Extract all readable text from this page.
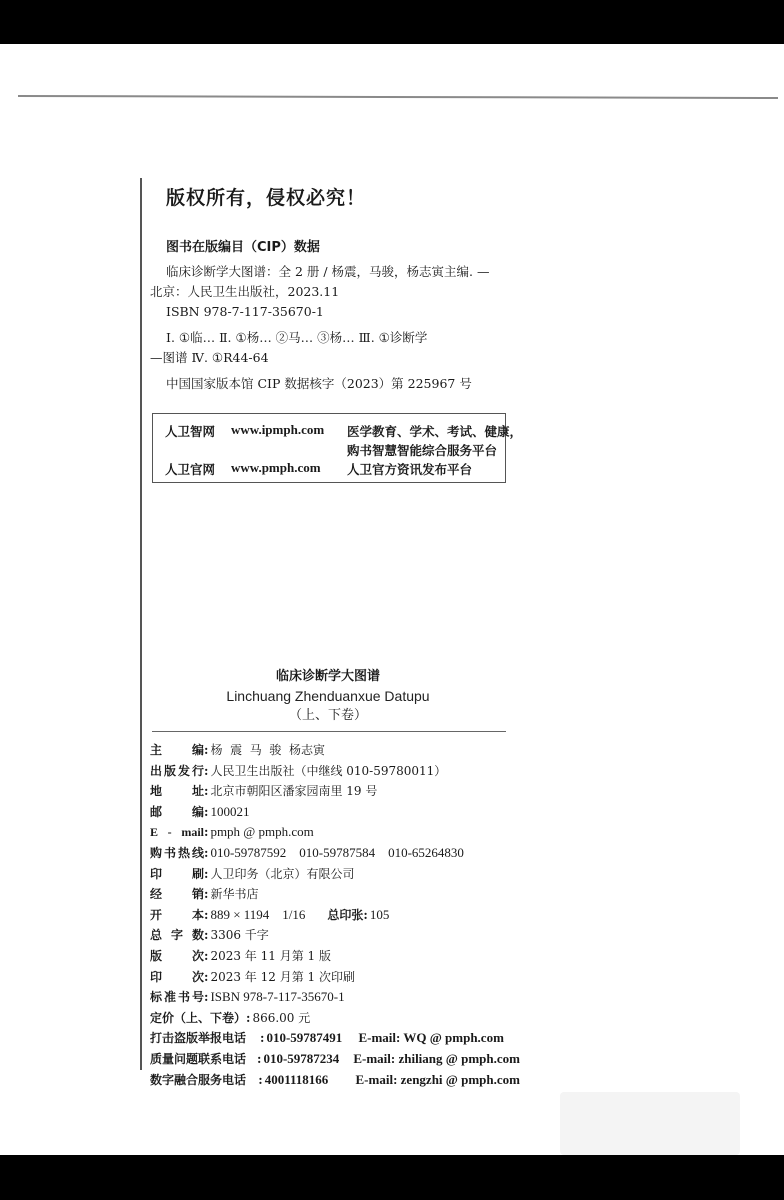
版权所有，侵权必究！
图书在版编目（CIP）数据
临床诊断学大图谱：全 2 册 / 杨震，马骏，杨志寅主编. —
北京：人民卫生出版社，2023.11
ISBN 978-7-117-35670-1
Ⅰ. ①临… Ⅱ. ①杨… ②马… ③杨… Ⅲ. ①诊断学
—图谱 Ⅳ. ①R44-64
中国国家版本馆 CIP 数据核字（2023）第 225967 号
人卫智网 www.ipmph.com 医学教育、学术、考试、健康，
购书智慧智能综合服务平台
人卫官网 www.pmph.com 人卫官方资讯发布平台
临床诊断学大图谱
Linchuang Zhenduanxue Datupu
（上、下卷）
主编 : 杨  震  马  骏  杨志寅
出版发行 : 人民卫生出版社（中继线 010-59780011）
地址 : 北京市朝阳区潘家园南里 19 号
邮编 : 100021
E - mail : pmph @ pmph.com
购书热线 : 010-59787592    010-59787584    010-65264830
印刷 : 人卫印务（北京）有限公司
经销 : 新华书店
开本 : 889 × 1194    1/16 总印张 : 105
总字数 : 3306 千字
版次 : 2023 年 11 月第 1 版
印次 : 2023 年 12 月第 1 次印刷
标准书号 : ISBN 978-7-117-35670-1
定价（上、下卷） : 866.00 元
打击盗版举报电话	: 010-59787491	E-mail: WQ @ pmph.com
质量问题联系电话 : 010-59787234	E-mail: zhiliang @ pmph.com
数字融合服务电话	: 4001118166	E-mail: zengzhi @ pmph.com
